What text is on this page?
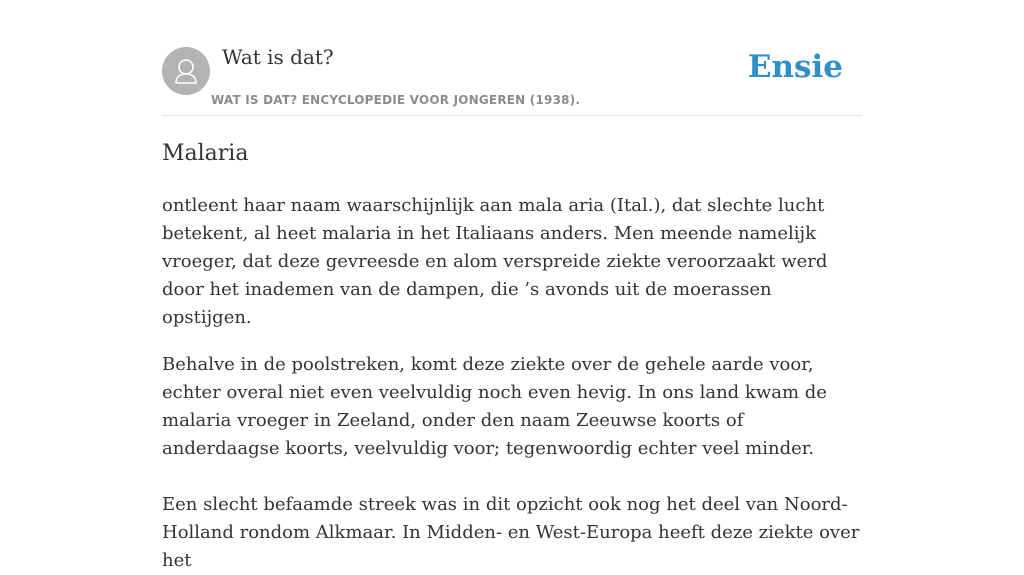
Wat is dat?
WAT IS DAT? ENCYCLOPEDIE VOOR JONGEREN (1938).
Ensie
Malaria

ontleent haar naam waarschijnlijk aan mala aria (Ital.), dat slechte lucht betekent, al heet malaria in het Italiaans anders. Men meende namelijk vroeger, dat deze gevreesde en alom verspreide ziekte veroorzaakt werd door het inademen van de dampen, die ’s avonds uit de moerassen opstijgen.

Behalve in de poolstreken, komt deze ziekte over de gehele aarde voor, echter overal niet even veelvuldig noch even hevig. In ons land kwam de malaria vroeger in Zeeland, onder den naam Zeeuwse koorts of anderdaagse koorts, veelvuldig voor; tegenwoordig echter veel minder.

Een slecht befaamde streek was in dit opzicht ook nog het deel van Noord-Holland rondom Alkmaar. In Midden- en West-Europa heeft deze ziekte over het
